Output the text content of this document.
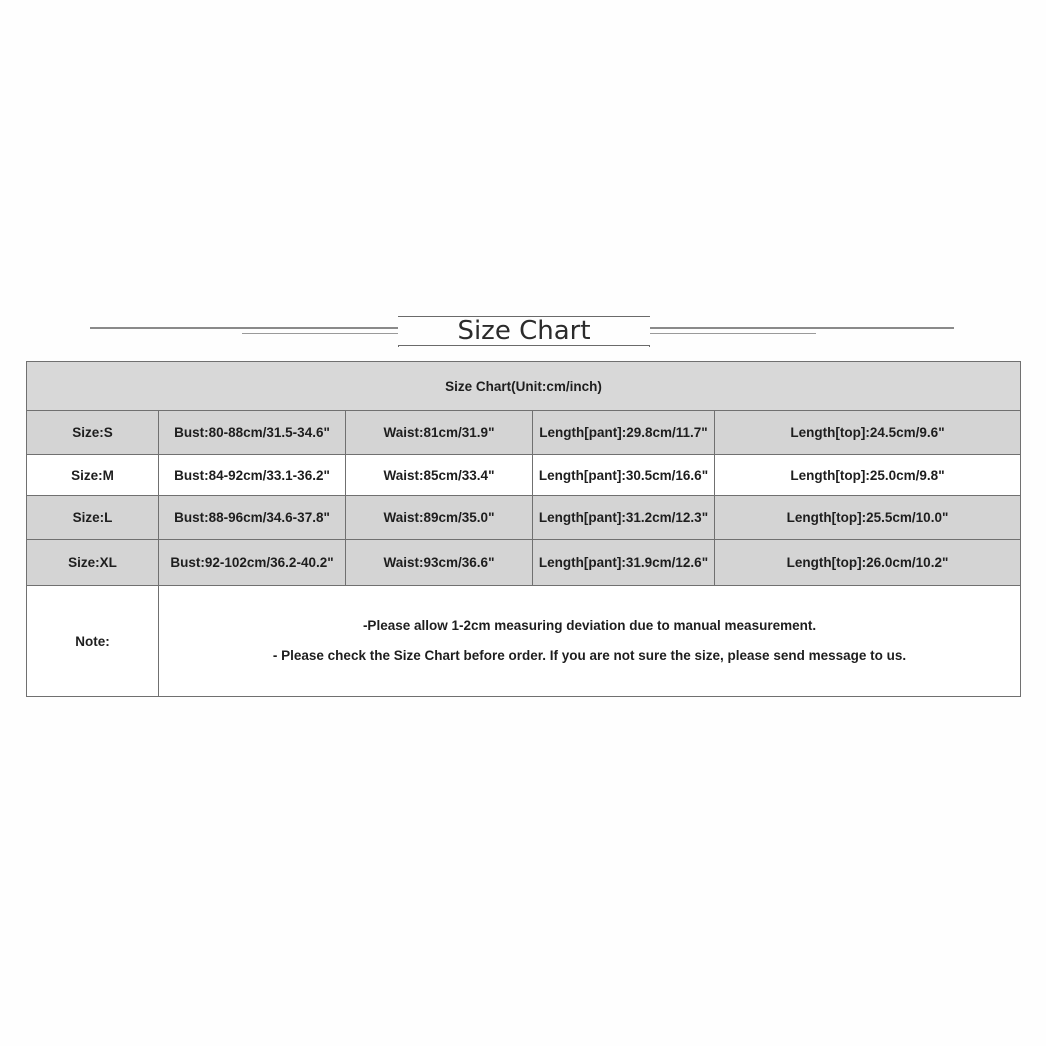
Size Chart
Size Chart(Unit:cm/inch)				
Size:S	Bust:80-88cm/31.5-34.6"	Waist:81cm/31.9"	Length[pant]:29.8cm/11.7"	Length[top]:24.5cm/9.6"
Size:M	Bust:84-92cm/33.1-36.2"	Waist:85cm/33.4"	Length[pant]:30.5cm/16.6"	Length[top]:25.0cm/9.8"
Size:L	Bust:88-96cm/34.6-37.8"	Waist:89cm/35.0"	Length[pant]:31.2cm/12.3"	Length[top]:25.5cm/10.0"
Size:XL	Bust:92-102cm/36.2-40.2"	Waist:93cm/36.6"	Length[pant]:31.9cm/12.6"	Length[top]:26.0cm/10.2"
Note:	-Please allow 1-2cm measuring deviation due to manual measurement.
- Please check the Size Chart before order. If you are not sure the size, please send message to us.			
